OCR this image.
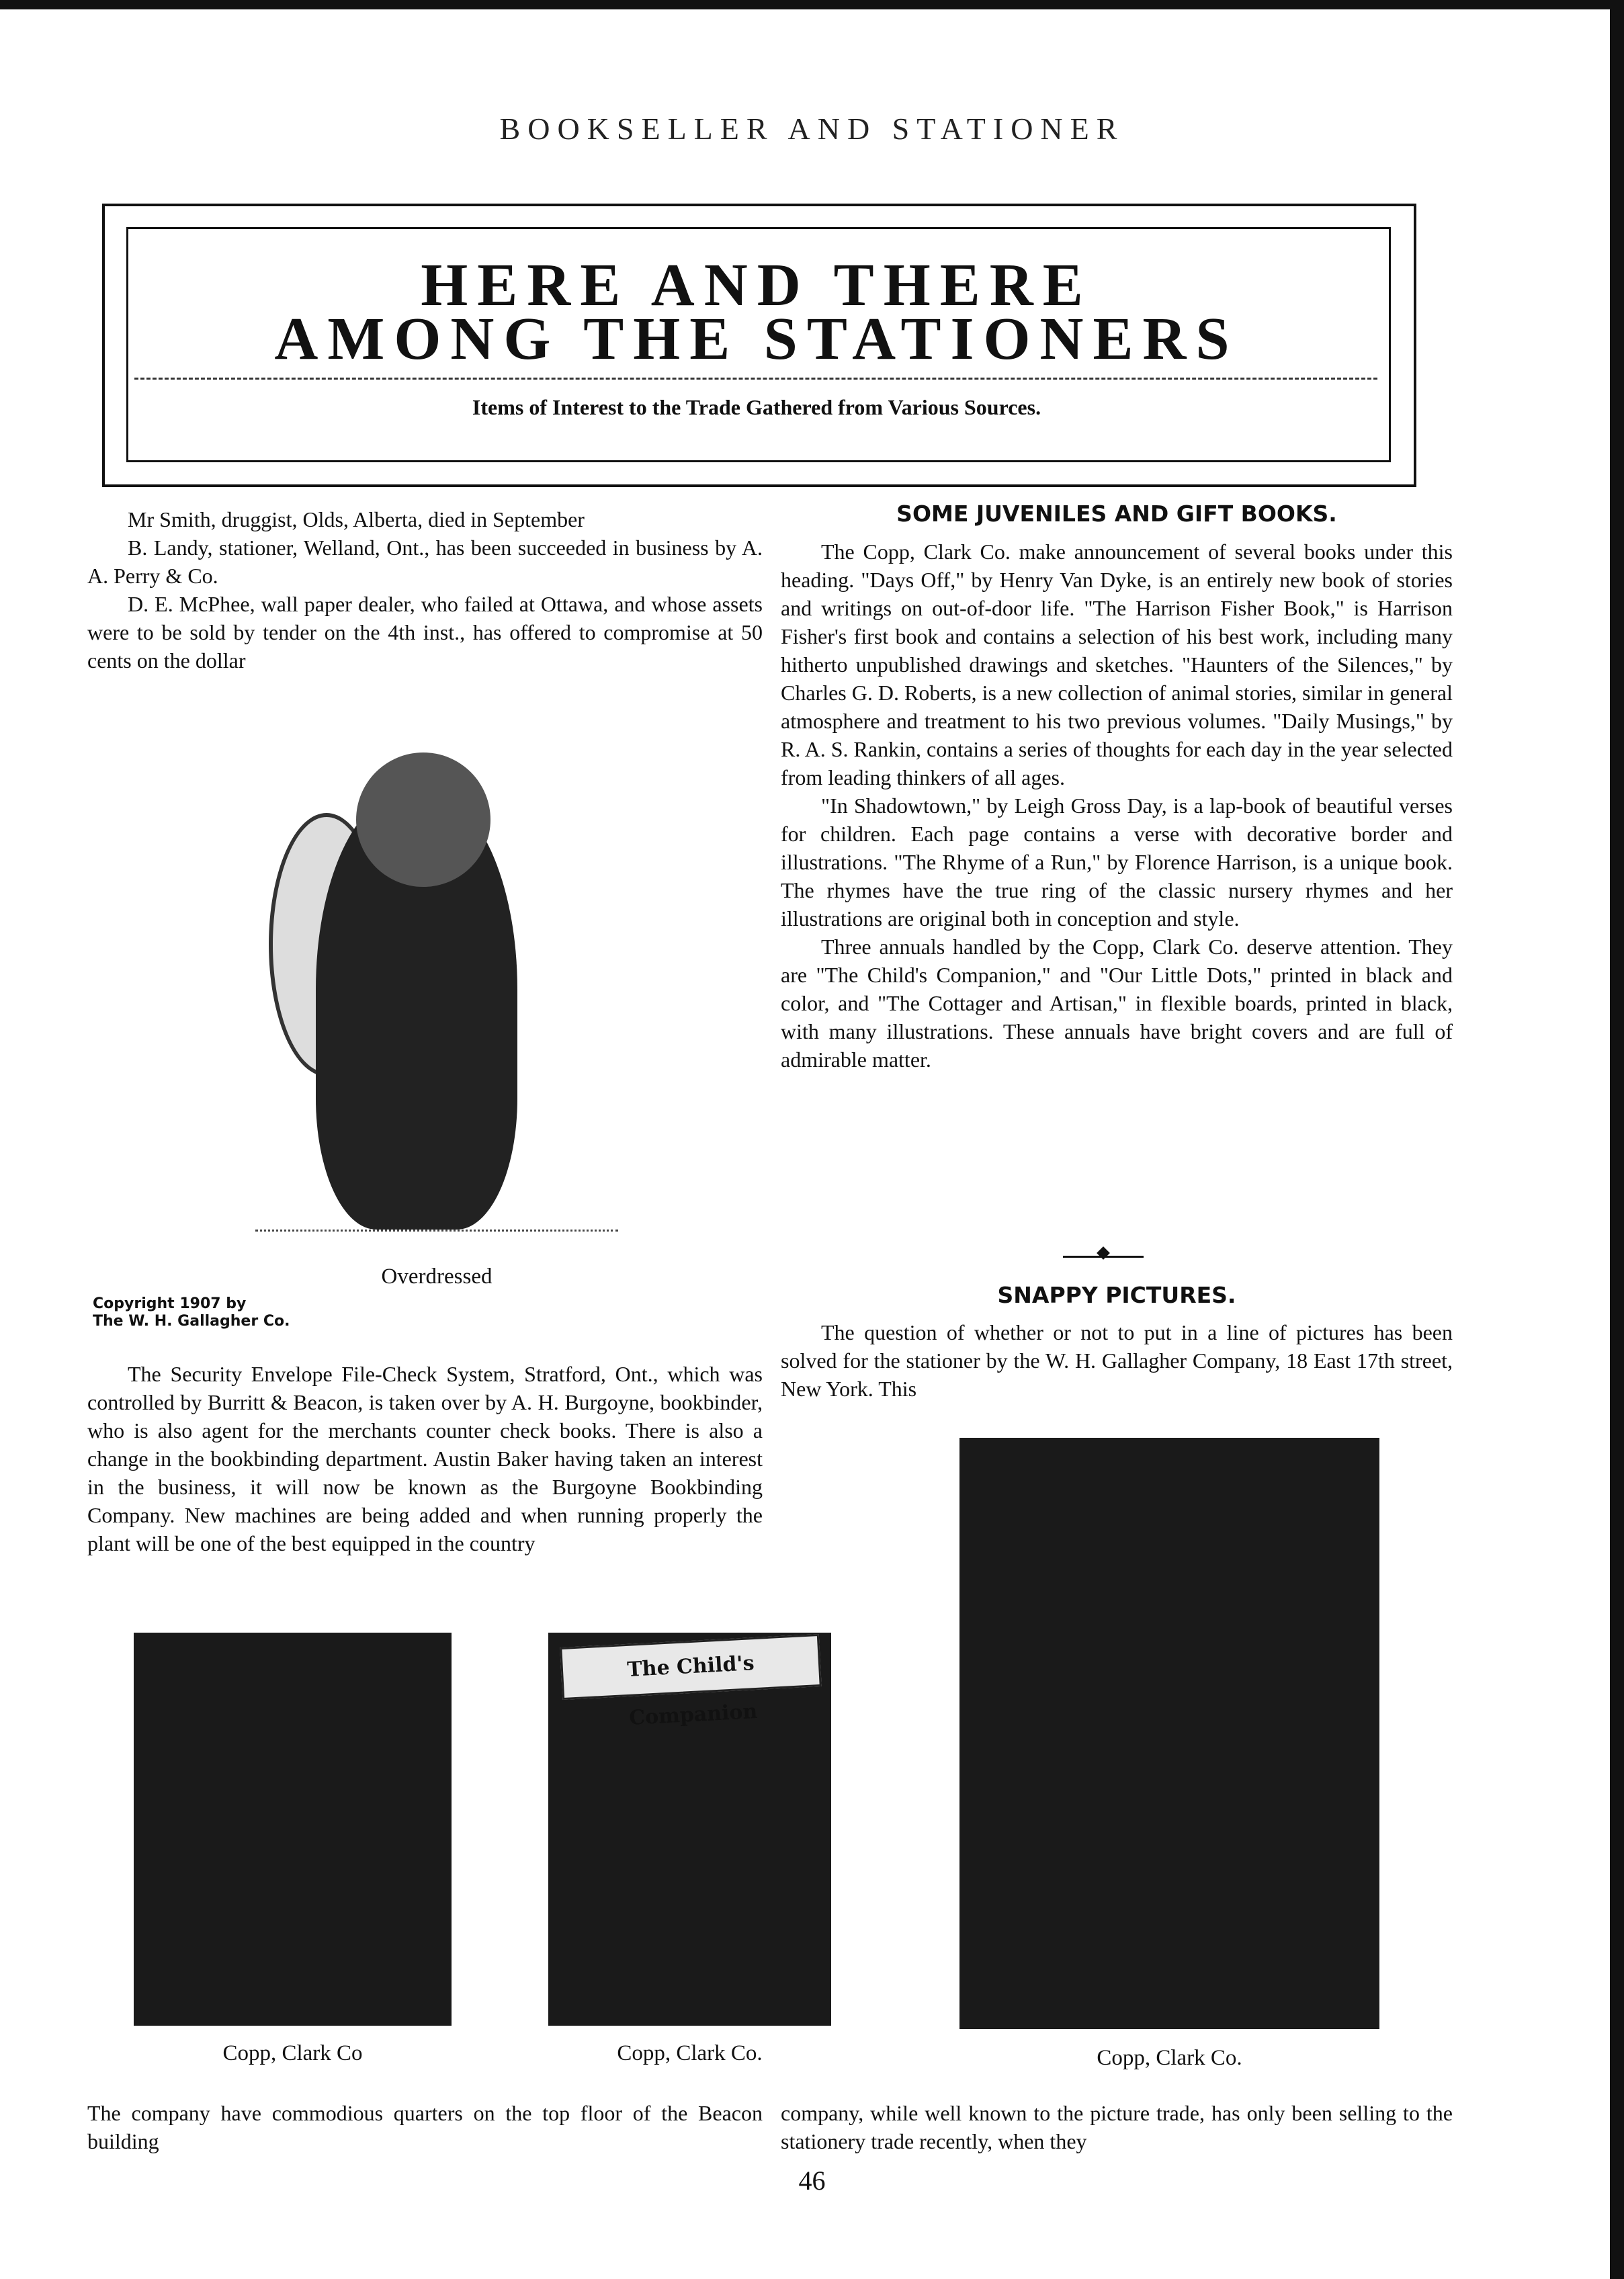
BOOKSELLER AND STATIONER
HERE AND THERE
AMONG THE STATIONERS
Items of Interest to the Trade Gathered from Various Sources.

Mr Smith, druggist, Olds, Alberta, died in September

B. Landy, stationer, Welland, Ont., has been succeeded in business by A. A. Perry & Co.

D. E. McPhee, wall paper dealer, who failed at Ottawa, and whose assets were to be sold by tender on the 4th inst., has offered to compromise at 50 cents on the dollar

Overdressed
Copyright 1907 by
The W. H. Gallagher Co.

The Security Envelope File-Check System, Stratford, Ont., which was controlled by Burritt & Beacon, is taken over by A. H. Burgoyne, bookbinder, who is also agent for the merchants counter check books. There is also a change in the bookbinding department. Austin Baker having taken an interest in the business, it will now be known as the Burgoyne Bookbinding Company. New machines are being added and when running properly the plant will be one of the best equipped in the country

SOME JUVENILES AND GIFT BOOKS.

The Copp, Clark Co. make announcement of several books under this heading. "Days Off," by Henry Van Dyke, is an entirely new book of stories and writings on out-of-door life. "The Harrison Fisher Book," is Harrison Fisher's first book and contains a selection of his best work, including many hitherto unpublished drawings and sketches. "Haunters of the Silences," by Charles G. D. Roberts, is a new collection of animal stories, similar in general atmosphere and treatment to his two previous volumes. "Daily Musings," by R. A. S. Rankin, contains a series of thoughts for each day in the year selected from leading thinkers of all ages.

"In Shadowtown," by Leigh Gross Day, is a lap-book of beautiful verses for children. Each page contains a verse with decorative border and illustrations. "The Rhyme of a Run," by Florence Harrison, is a unique book. The rhymes have the true ring of the classic nursery rhymes and her illustrations are original both in conception and style.

Three annuals handled by the Copp, Clark Co. deserve attention. They are "The Child's Companion," and "Our Little Dots," printed in black and color, and "The Cottager and Artisan," in flexible boards, printed in black, with many illustrations. These annuals have bright covers and are full of admirable matter.

SNAPPY PICTURES.

The question of whether or not to put in a line of pictures has been solved for the stationer by the W. H. Gallagher Company, 18 East 17th street, New York. This

The Child's Companion
Copp, Clark Co	Copp, Clark Co.	Copp, Clark Co.

The company have commodious quarters on the top floor of the Beacon building

company, while well known to the picture trade, has only been selling to the stationery trade recently, when they

46
